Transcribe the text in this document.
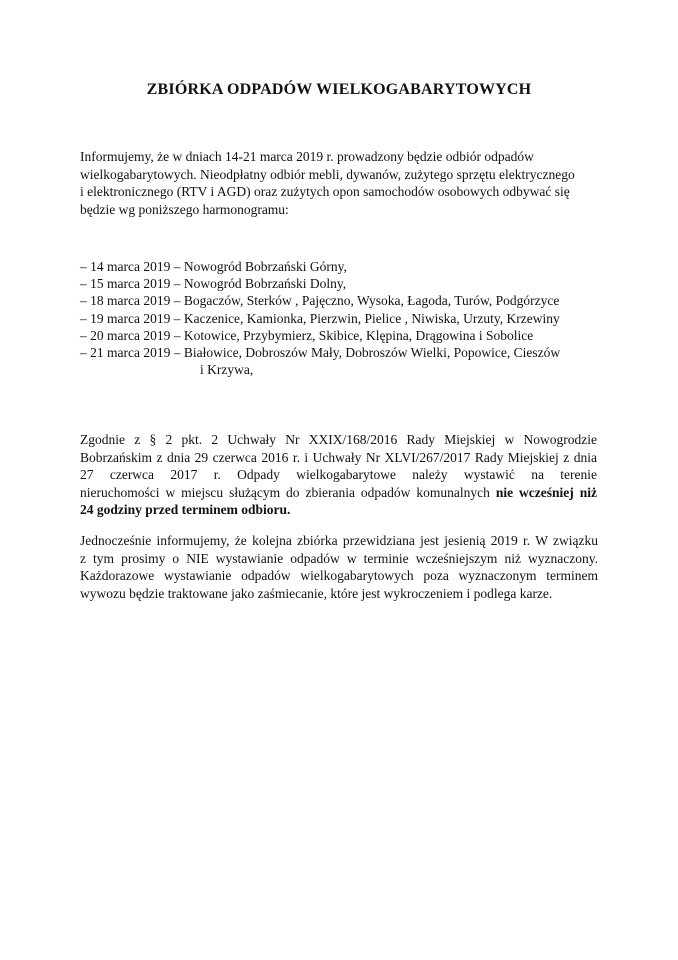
ZBIÓRKA ODPADÓW WIELKOGABARYTOWYCH
Informujemy, że w dniach 14-21 marca 2019 r. prowadzony będzie odbiór odpadów
wielkogabarytowych. Nieodpłatny odbiór mebli, dywanów, zużytego sprzętu elektrycznego
i elektronicznego (RTV i AGD) oraz zużytych opon samochodów osobowych odbywać się
będzie wg poniższego harmonogramu:
– 14 marca 2019 – Nowogród Bobrzański Górny,
– 15 marca 2019 – Nowogród Bobrzański Dolny,
– 18 marca 2019 – Bogaczów, Sterków , Pajęczno, Wysoka, Łagoda, Turów, Podgórzyce
– 19 marca 2019 – Kaczenice, Kamionka, Pierzwin, Pielice , Niwiska, Urzuty, Krzewiny
– 20 marca 2019 – Kotowice, Przybymierz, Skibice, Klępina, Drągowina i Sobolice
– 21 marca 2019 – Białowice, Dobroszów Mały, Dobroszów Wielki, Popowice, Cieszów
i Krzywa,
Zgodnie z § 2 pkt. 2 Uchwały Nr XXIX/168/2016 Rady Miejskiej w Nowogrodzie
Bobrzańskim z dnia 29 czerwca 2016 r. i Uchwały Nr XLVI/267/2017 Rady Miejskiej z dnia
27 czerwca 2017 r. Odpady wielkogabarytowe należy wystawić na terenie
nieruchomości w miejscu służącym do zbierania odpadów komunalnych nie wcześniej niż
24 godziny przed terminem odbioru.
Jednocześnie informujemy, że kolejna zbiórka przewidziana jest jesienią 2019 r. W związku
z tym prosimy o NIE wystawianie odpadów w terminie wcześniejszym niż wyznaczony.
Każdorazowe wystawianie odpadów wielkogabarytowych poza wyznaczonym terminem
wywozu będzie traktowane jako zaśmiecanie, które jest wykroczeniem i podlega karze.
